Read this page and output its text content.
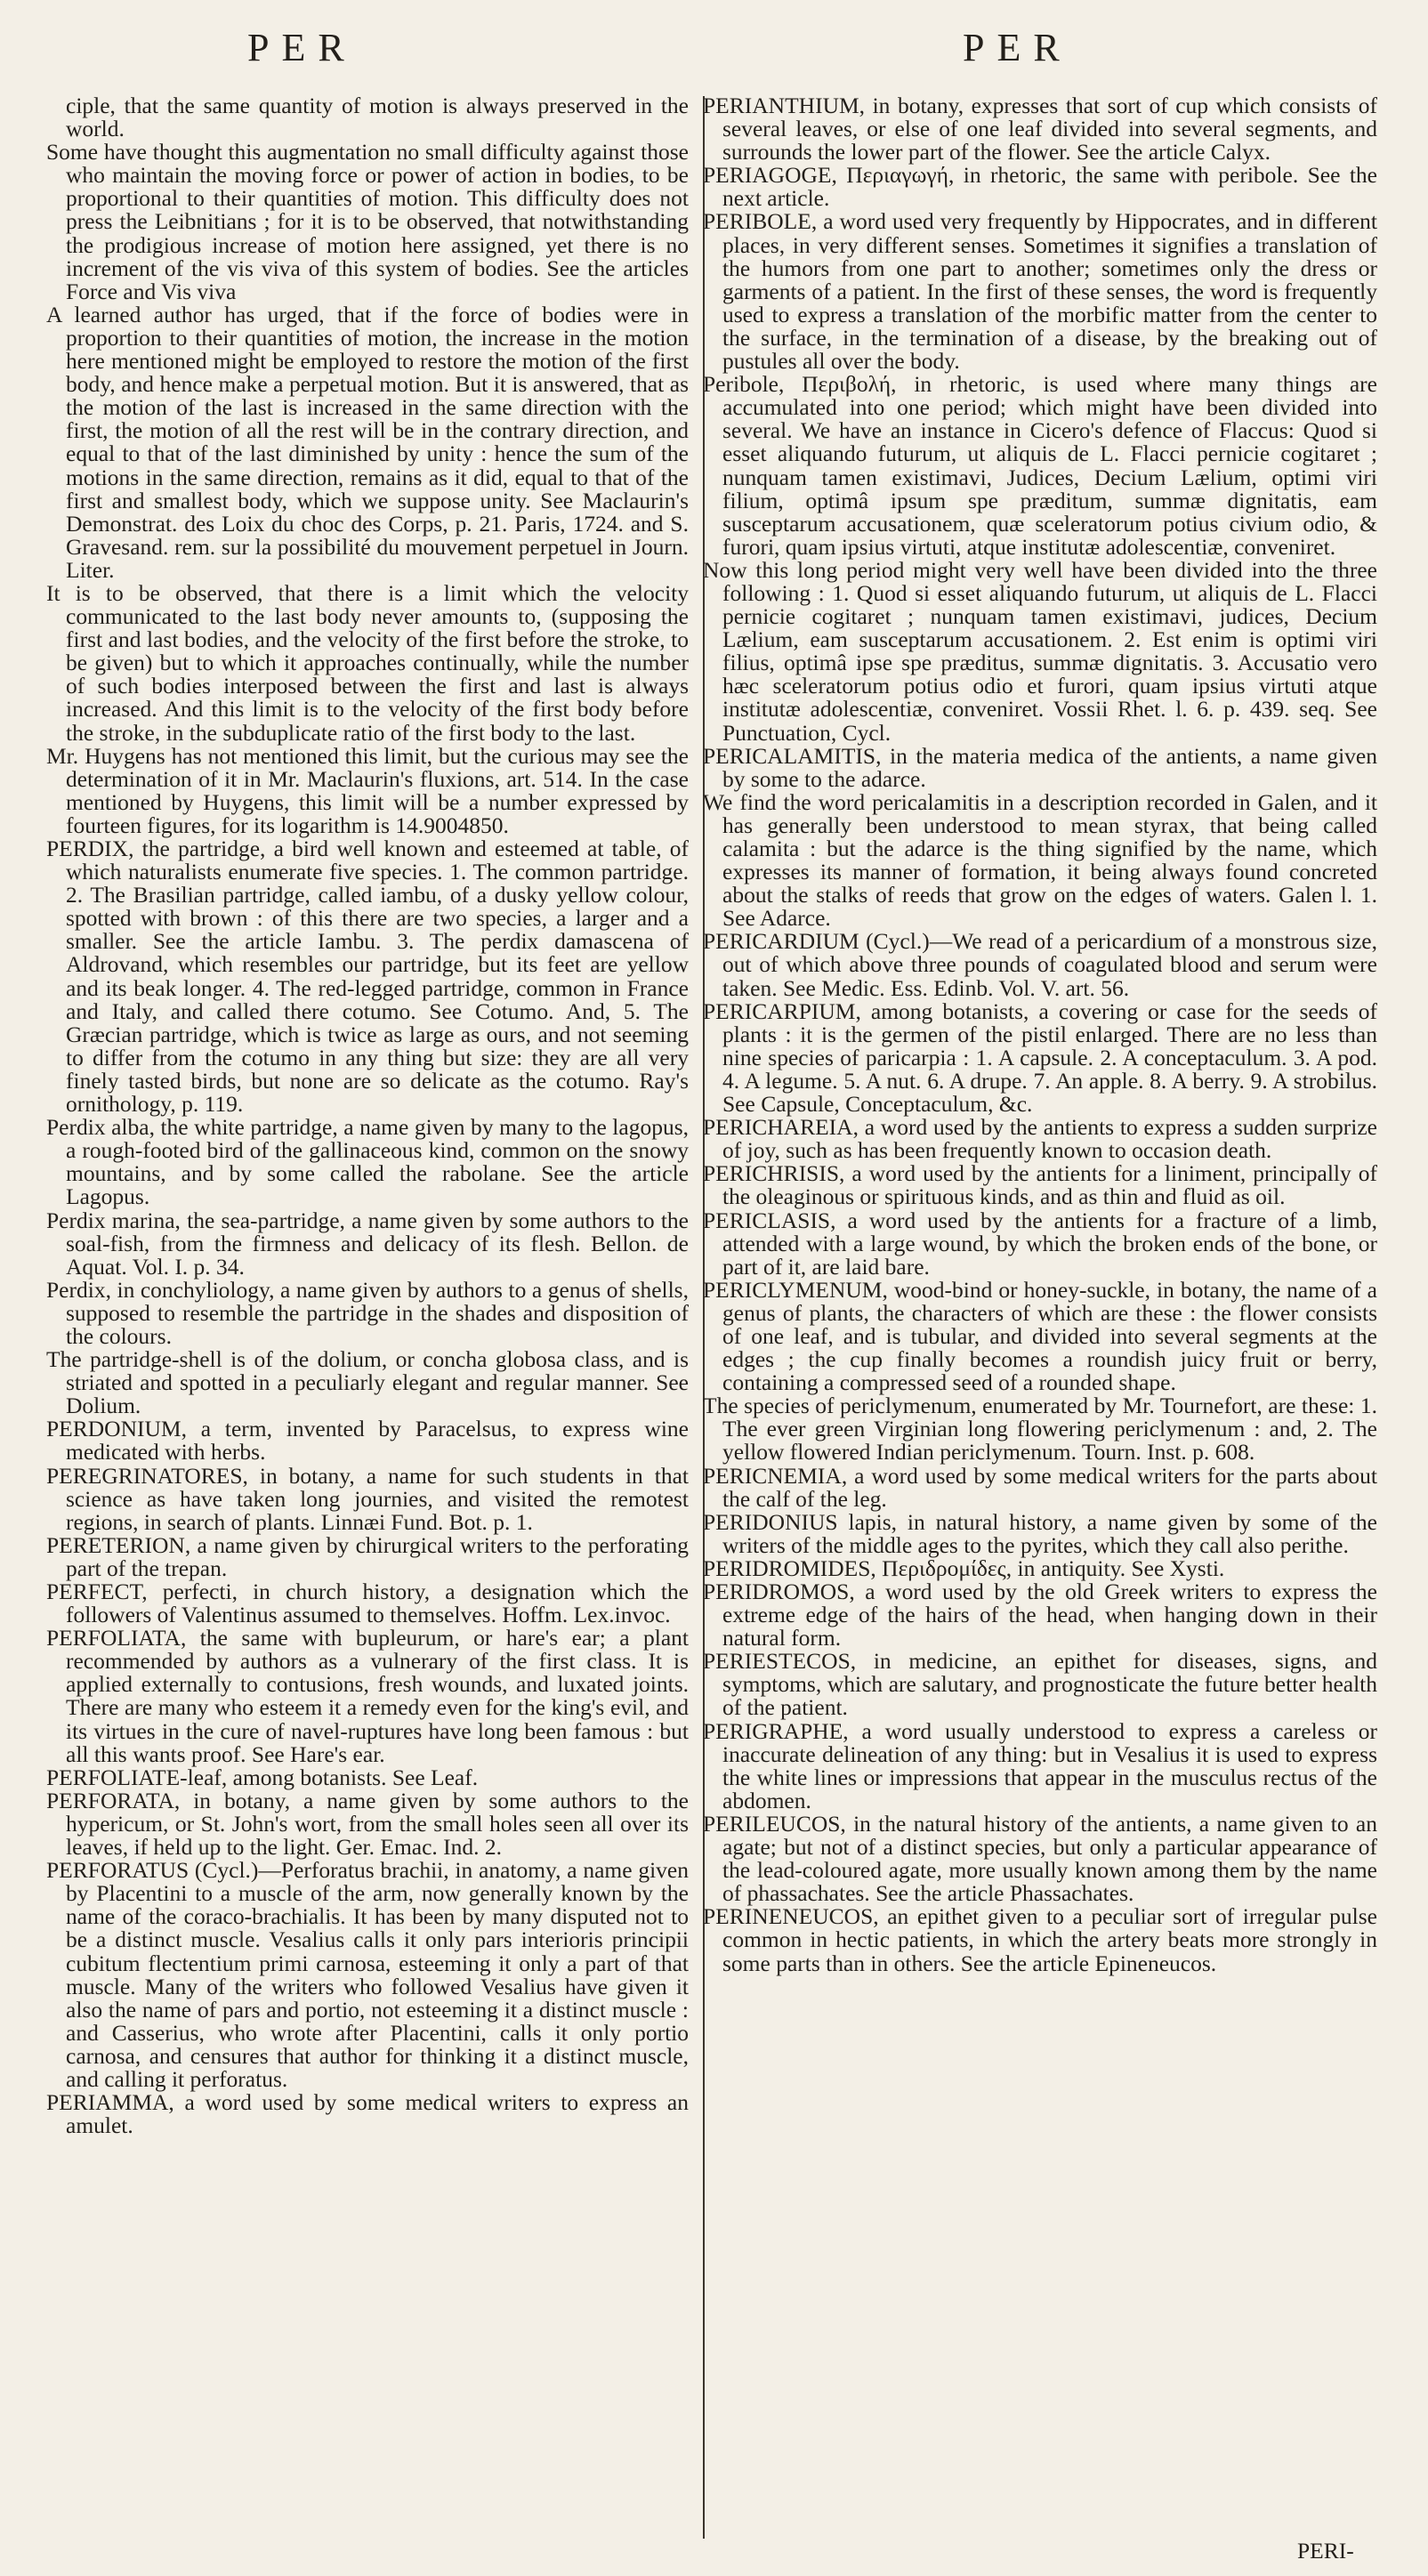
PER	PER

ciple, that the same quantity of motion is always preserved in the world.

Some have thought this augmentation no small difficulty against those who maintain the moving force or power of action in bodies, to be proportional to their quantities of motion. This difficulty does not press the Leibnitians ; for it is to be observed, that notwithstanding the prodigious increase of motion here assigned, yet there is no increment of the vis viva of this system of bodies. See the articles Force and Vis viva

A learned author has urged, that if the force of bodies were in proportion to their quantities of motion, the increase in the motion here mentioned might be employed to restore the motion of the first body, and hence make a perpetual motion. But it is answered, that as the motion of the last is increased in the same direction with the first, the motion of all the rest will be in the contrary direction, and equal to that of the last diminished by unity : hence the sum of the motions in the same direction, remains as it did, equal to that of the first and smallest body, which we suppose unity. See Maclaurin's Demonstrat. des Loix du choc des Corps, p. 21. Paris, 1724. and S. Gravesand. rem. sur la possibilité du mouvement perpetuel in Journ. Liter.

It is to be observed, that there is a limit which the velocity communicated to the last body never amounts to, (supposing the first and last bodies, and the velocity of the first before the stroke, to be given) but to which it approaches continually, while the number of such bodies interposed between the first and last is always increased. And this limit is to the velocity of the first body before the stroke, in the subduplicate ratio of the first body to the last.

Mr. Huygens has not mentioned this limit, but the curious may see the determination of it in Mr. Maclaurin's fluxions, art. 514. In the case mentioned by Huygens, this limit will be a number expressed by fourteen figures, for its logarithm is 14.9004850.

PERDIX, the partridge, a bird well known and esteemed at table, of which naturalists enumerate five species. 1. The common partridge. 2. The Brasilian partridge, called iambu, of a dusky yellow colour, spotted with brown : of this there are two species, a larger and a smaller. See the article Iambu. 3. The perdix damascena of Aldrovand, which resembles our partridge, but its feet are yellow and its beak longer. 4. The red-legged partridge, common in France and Italy, and called there cotumo. See Cotumo. And, 5. The Græcian partridge, which is twice as large as ours, and not seeming to differ from the cotumo in any thing but size: they are all very finely tasted birds, but none are so delicate as the cotumo. Ray's ornithology, p. 119.

Perdix alba, the white partridge, a name given by many to the lagopus, a rough-footed bird of the gallinaceous kind, common on the snowy mountains, and by some called the rabolane. See the article Lagopus.

Perdix marina, the sea-partridge, a name given by some authors to the soal-fish, from the firmness and delicacy of its flesh. Bellon. de Aquat. Vol. I. p. 34.

Perdix, in conchyliology, a name given by authors to a genus of shells, supposed to resemble the partridge in the shades and disposition of the colours.

The partridge-shell is of the dolium, or concha globosa class, and is striated and spotted in a peculiarly elegant and regular manner. See Dolium.

PERDONIUM, a term, invented by Paracelsus, to express wine medicated with herbs.

PEREGRINATORES, in botany, a name for such students in that science as have taken long journies, and visited the remotest regions, in search of plants. Linnæi Fund. Bot. p. 1.

PERETERION, a name given by chirurgical writers to the perforating part of the trepan.

PERFECT, perfecti, in church history, a designation which the followers of Valentinus assumed to themselves. Hoffm. Lex.invoc.

PERFOLIATA, the same with bupleurum, or hare's ear; a plant recommended by authors as a vulnerary of the first class. It is applied externally to contusions, fresh wounds, and luxated joints. There are many who esteem it a remedy even for the king's evil, and its virtues in the cure of navel-ruptures have long been famous : but all this wants proof. See Hare's ear.

PERFOLIATE-leaf, among botanists. See Leaf.

PERFORATA, in botany, a name given by some authors to the hypericum, or St. John's wort, from the small holes seen all over its leaves, if held up to the light. Ger. Emac. Ind. 2.

PERFORATUS (Cycl.)—Perforatus brachii, in anatomy, a name given by Placentini to a muscle of the arm, now generally known by the name of the coraco-brachialis. It has been by many disputed not to be a distinct muscle. Vesalius calls it only pars interioris principii cubitum flectentium primi carnosa, esteeming it only a part of that muscle. Many of the writers who followed Vesalius have given it also the name of pars and portio, not esteeming it a distinct muscle : and Casserius, who wrote after Placentini, calls it only portio carnosa, and censures that author for thinking it a distinct muscle, and calling it perforatus.

PERIAMMA, a word used by some medical writers to express an amulet.

PERIANTHIUM, in botany, expresses that sort of cup which consists of several leaves, or else of one leaf divided into several segments, and surrounds the lower part of the flower. See the article Calyx.

PERIAGOGE, Περιαγωγή, in rhetoric, the same with peribole. See the next article.

PERIBOLE, a word used very frequently by Hippocrates, and in different places, in very different senses. Sometimes it signifies a translation of the humors from one part to another; sometimes only the dress or garments of a patient. In the first of these senses, the word is frequently used to express a translation of the morbific matter from the center to the surface, in the termination of a disease, by the breaking out of pustules all over the body.

Peribole, Περιβολή, in rhetoric, is used where many things are accumulated into one period; which might have been divided into several. We have an instance in Cicero's defence of Flaccus: Quod si esset aliquando futurum, ut aliquis de L. Flacci pernicie cogitaret ; nunquam tamen existimavi, Judices, Decium Lælium, optimi viri filium, optimâ ipsum spe præditum, summæ dignitatis, eam susceptarum accusationem, quæ sceleratorum potius civium odio, & furori, quam ipsius virtuti, atque institutæ adolescentiæ, conveniret.

Now this long period might very well have been divided into the three following : 1. Quod si esset aliquando futurum, ut aliquis de L. Flacci pernicie cogitaret ; nunquam tamen existimavi, judices, Decium Lælium, eam susceptarum accusationem. 2. Est enim is optimi viri filius, optimâ ipse spe præditus, summæ dignitatis. 3. Accusatio vero hæc sceleratorum potius odio et furori, quam ipsius virtuti atque institutæ adolescentiæ, conveniret. Vossii Rhet. l. 6. p. 439. seq. See Punctuation, Cycl.

PERICALAMITIS, in the materia medica of the antients, a name given by some to the adarce.

We find the word pericalamitis in a description recorded in Galen, and it has generally been understood to mean styrax, that being called calamita : but the adarce is the thing signified by the name, which expresses its manner of formation, it being always found concreted about the stalks of reeds that grow on the edges of waters. Galen l. 1. See Adarce.

PERICARDIUM (Cycl.)—We read of a pericardium of a monstrous size, out of which above three pounds of coagulated blood and serum were taken. See Medic. Ess. Edinb. Vol. V. art. 56.

PERICARPIUM, among botanists, a covering or case for the seeds of plants : it is the germen of the pistil enlarged. There are no less than nine species of paricarpia : 1. A capsule. 2. A conceptaculum. 3. A pod. 4. A legume. 5. A nut. 6. A drupe. 7. An apple. 8. A berry. 9. A strobilus. See Capsule, Conceptaculum, &c.

PERICHAREIA, a word used by the antients to express a sudden surprize of joy, such as has been frequently known to occasion death.

PERICHRISIS, a word used by the antients for a liniment, principally of the oleaginous or spirituous kinds, and as thin and fluid as oil.

PERICLASIS, a word used by the antients for a fracture of a limb, attended with a large wound, by which the broken ends of the bone, or part of it, are laid bare.

PERICLYMENUM, wood-bind or honey-suckle, in botany, the name of a genus of plants, the characters of which are these : the flower consists of one leaf, and is tubular, and divided into several segments at the edges ; the cup finally becomes a roundish juicy fruit or berry, containing a compressed seed of a rounded shape.

The species of periclymenum, enumerated by Mr. Tournefort, are these: 1. The ever green Virginian long flowering periclymenum : and, 2. The yellow flowered Indian periclymenum. Tourn. Inst. p. 608.

PERICNEMIA, a word used by some medical writers for the parts about the calf of the leg.

PERIDONIUS lapis, in natural history, a name given by some of the writers of the middle ages to the pyrites, which they call also perithe.

PERIDROMIDES, Περιδρομίδες, in antiquity. See Xysti.

PERIDROMOS, a word used by the old Greek writers to express the extreme edge of the hairs of the head, when hanging down in their natural form.

PERIESTECOS, in medicine, an epithet for diseases, signs, and symptoms, which are salutary, and prognosticate the future better health of the patient.

PERIGRAPHE, a word usually understood to express a careless or inaccurate delineation of any thing: but in Vesalius it is used to express the white lines or impressions that appear in the musculus rectus of the abdomen.

PERILEUCOS, in the natural history of the antients, a name given to an agate; but not of a distinct species, but only a particular appearance of the lead-coloured agate, more usually known among them by the name of phassachates. See the article Phassachates.

PERINENEUCOS, an epithet given to a peculiar sort of irregular pulse common in hectic patients, in which the artery beats more strongly in some parts than in others. See the article Epineneucos.

PERI-
